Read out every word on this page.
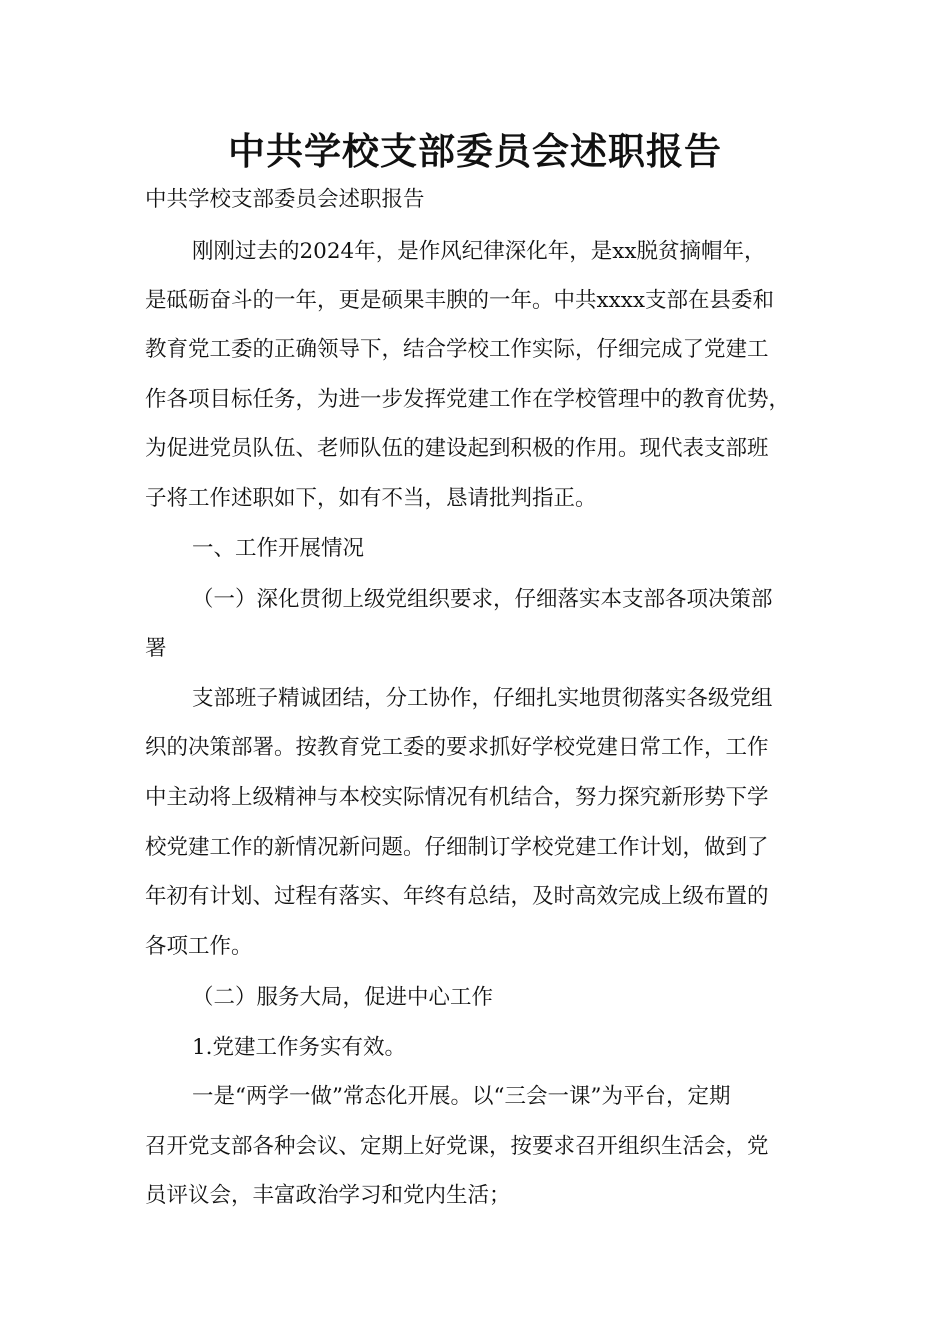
中共学校支部委员会述职报告

中共学校支部委员会述职报告

刚刚过去的2024年，是作风纪律深化年，是xx脱贫摘帽年，

是砥砺奋斗的一年，更是硕果丰腴的一年。中共xxxx支部在县委和

教育党工委的正确领导下，结合学校工作实际，仔细完成了党建工

作各项目标任务，为进一步发挥党建工作在学校管理中的教育优势，

为促进党员队伍、老师队伍的建设起到积极的作用。现代表支部班

子将工作述职如下，如有不当，恳请批判指正。

一、工作开展情况

（一）深化贯彻上级党组织要求，仔细落实本支部各项决策部

署

支部班子精诚团结，分工协作，仔细扎实地贯彻落实各级党组

织的决策部署。按教育党工委的要求抓好学校党建日常工作，工作

中主动将上级精神与本校实际情况有机结合，努力探究新形势下学

校党建工作的新情况新问题。仔细制订学校党建工作计划，做到了

年初有计划、过程有落实、年终有总结，及时高效完成上级布置的

各项工作。

（二）服务大局，促进中心工作

1.党建工作务实有效。

一是“两学一做”常态化开展。以“三会一课”为平台，定期

召开党支部各种会议、定期上好党课，按要求召开组织生活会，党

员评议会，丰富政治学习和党内生活；
